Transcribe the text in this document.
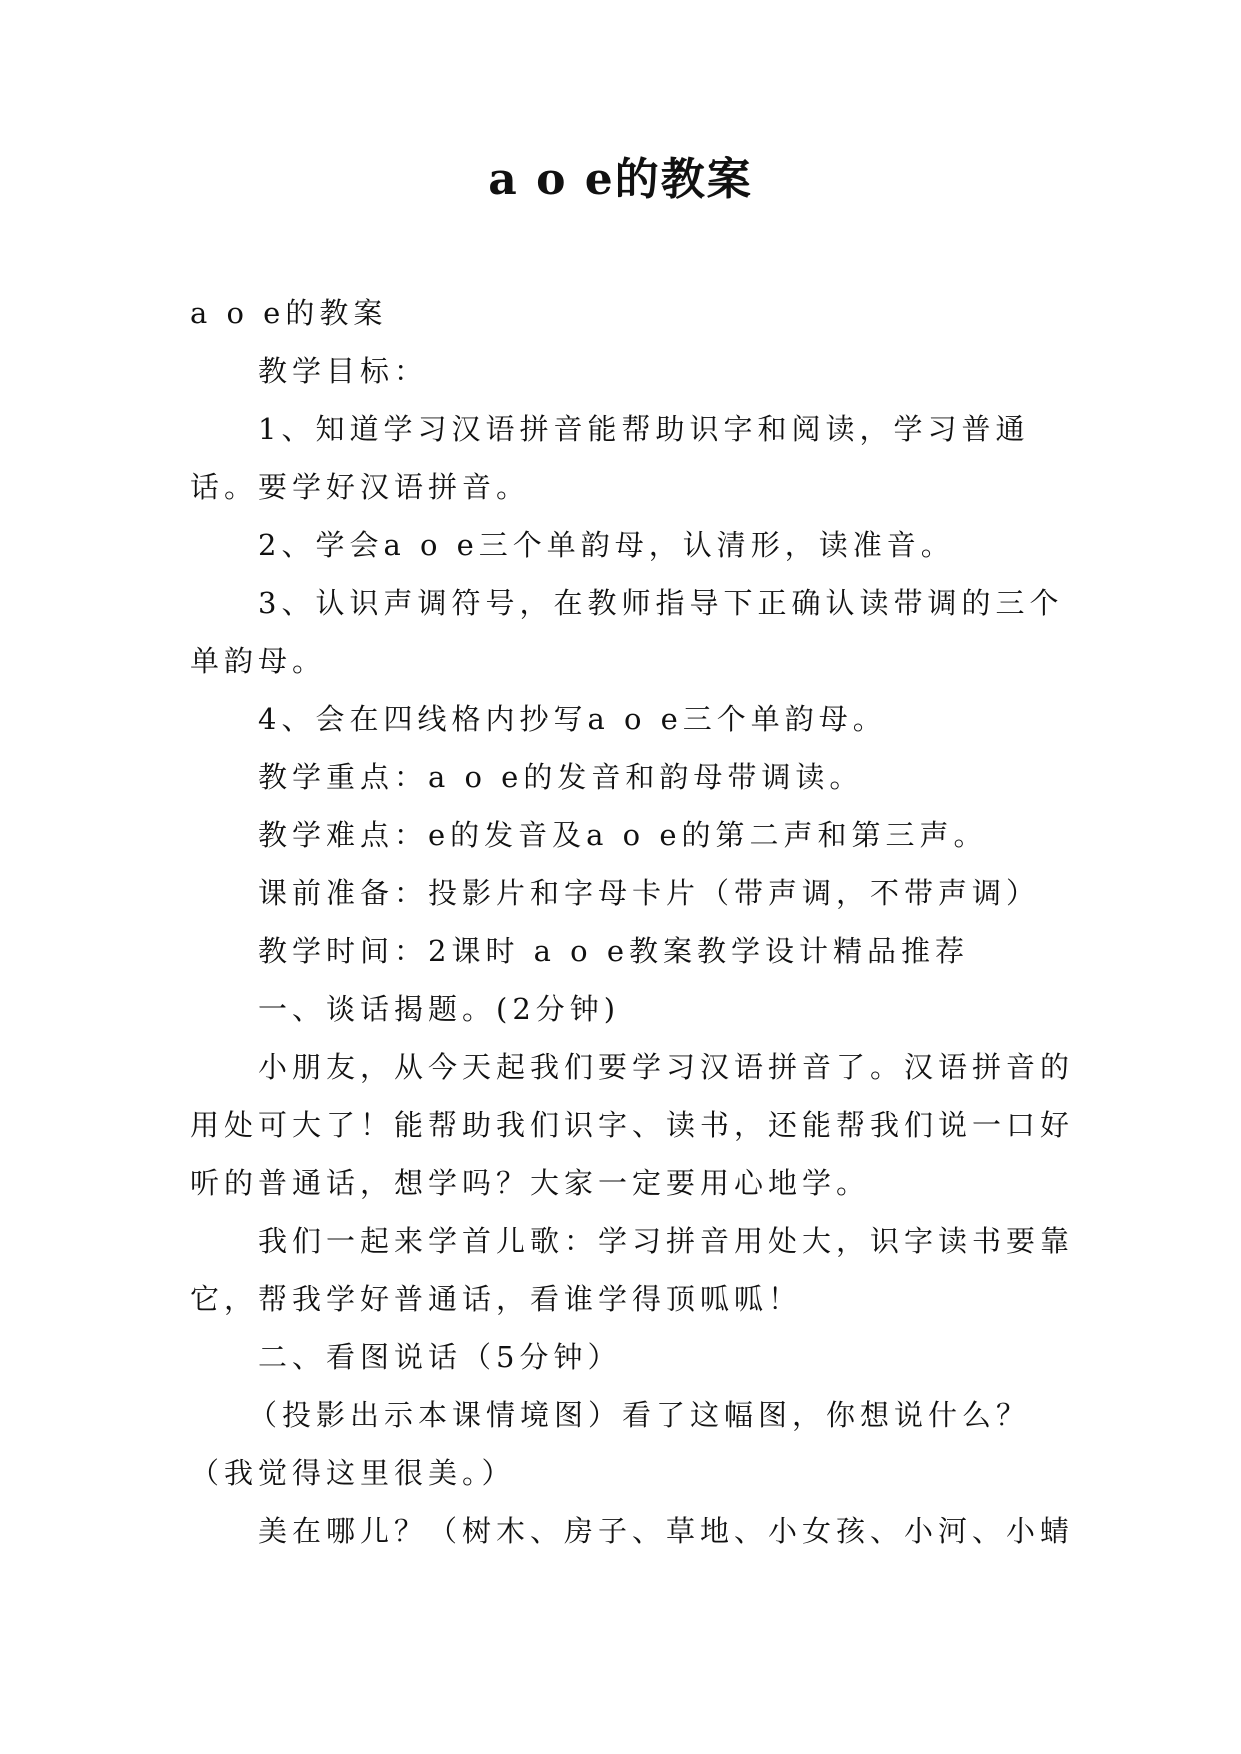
a o e的教案

a o e的教案

教学目标：

1、知道学习汉语拼音能帮助识字和阅读，学习普通话。要学好汉语拼音。

2、学会a o e三个单韵母，认清形，读准音。

3、认识声调符号，在教师指导下正确认读带调的三个单韵母。

4、会在四线格内抄写a o e三个单韵母。

教学重点：a o e的发音和韵母带调读。

教学难点：e的发音及a o e的第二声和第三声。

课前准备：投影片和字母卡片（带声调，不带声调）

教学时间：2课时 a o e教案教学设计精品推荐

一、谈话揭题。(2分钟)

小朋友，从今天起我们要学习汉语拼音了。汉语拼音的用处可大了！能帮助我们识字、读书，还能帮我们说一口好听的普通话，想学吗？大家一定要用心地学。

我们一起来学首儿歌：学习拼音用处大，识字读书要靠它，帮我学好普通话，看谁学得顶呱呱！

二、看图说话（5分钟）

（投影出示本课情境图）看了这幅图，你想说什么？（我觉得这里很美。）

美在哪儿？（树木、房子、草地、小女孩、小河、小蜻
